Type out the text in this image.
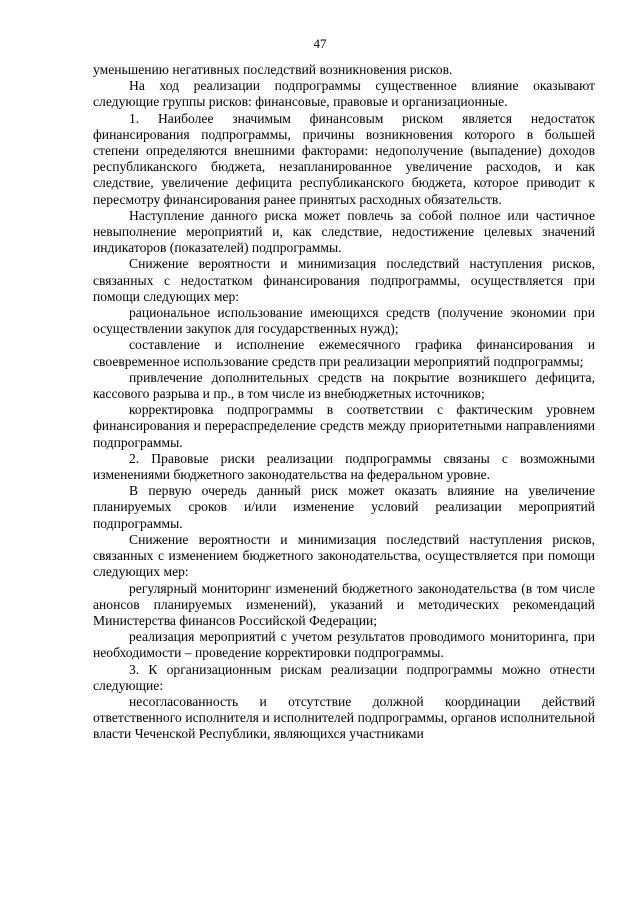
47

уменьшению негативных последствий возникновения рисков.

На ход реализации подпрограммы существенное влияние оказывают следующие группы рисков: финансовые, правовые и организационные.

1. Наиболее значимым финансовым риском является недостаток финансирования подпрограммы, причины возникновения которого в большей степени определяются внешними факторами: недополучение (выпадение) доходов республиканского бюджета, незапланированное увеличение расходов, и как следствие, увеличение дефицита республиканского бюджета, которое приводит к пересмотру финансирования ранее принятых расходных обязательств.

Наступление данного риска может повлечь за собой полное или частичное невыполнение мероприятий и, как следствие, недостижение целевых значений индикаторов (показателей) подпрограммы.

Снижение вероятности и минимизация последствий наступления рисков, связанных с недостатком финансирования подпрограммы, осуществляется при помощи следующих мер:

рациональное использование имеющихся средств (получение экономии при осуществлении закупок для государственных нужд);

составление и исполнение ежемесячного графика финансирования и своевременное использование средств при реализации мероприятий подпрограммы;

привлечение дополнительных средств на покрытие возникшего дефицита, кассового разрыва и пр., в том числе из внебюджетных источников;

корректировка подпрограммы в соответствии с фактическим уровнем финансирования и перераспределение средств между приоритетными направлениями подпрограммы.

2. Правовые риски реализации подпрограммы связаны с возможными изменениями бюджетного законодательства на федеральном уровне.

В первую очередь данный риск может оказать влияние на увеличение планируемых сроков и/или изменение условий реализации мероприятий подпрограммы.

Снижение вероятности и минимизация последствий наступления рисков, связанных с изменением бюджетного законодательства, осуществляется при помощи следующих мер:

регулярный мониторинг изменений бюджетного законодательства (в том числе анонсов планируемых изменений), указаний и методических рекомендаций Министерства финансов Российской Федерации;

реализация мероприятий с учетом результатов проводимого мониторинга, при необходимости – проведение корректировки подпрограммы.

3. К организационным рискам реализации подпрограммы можно отнести следующие:

несогласованность и отсутствие должной координации действий ответственного исполнителя и исполнителей подпрограммы, органов исполнительной власти Чеченской Республики, являющихся участниками
